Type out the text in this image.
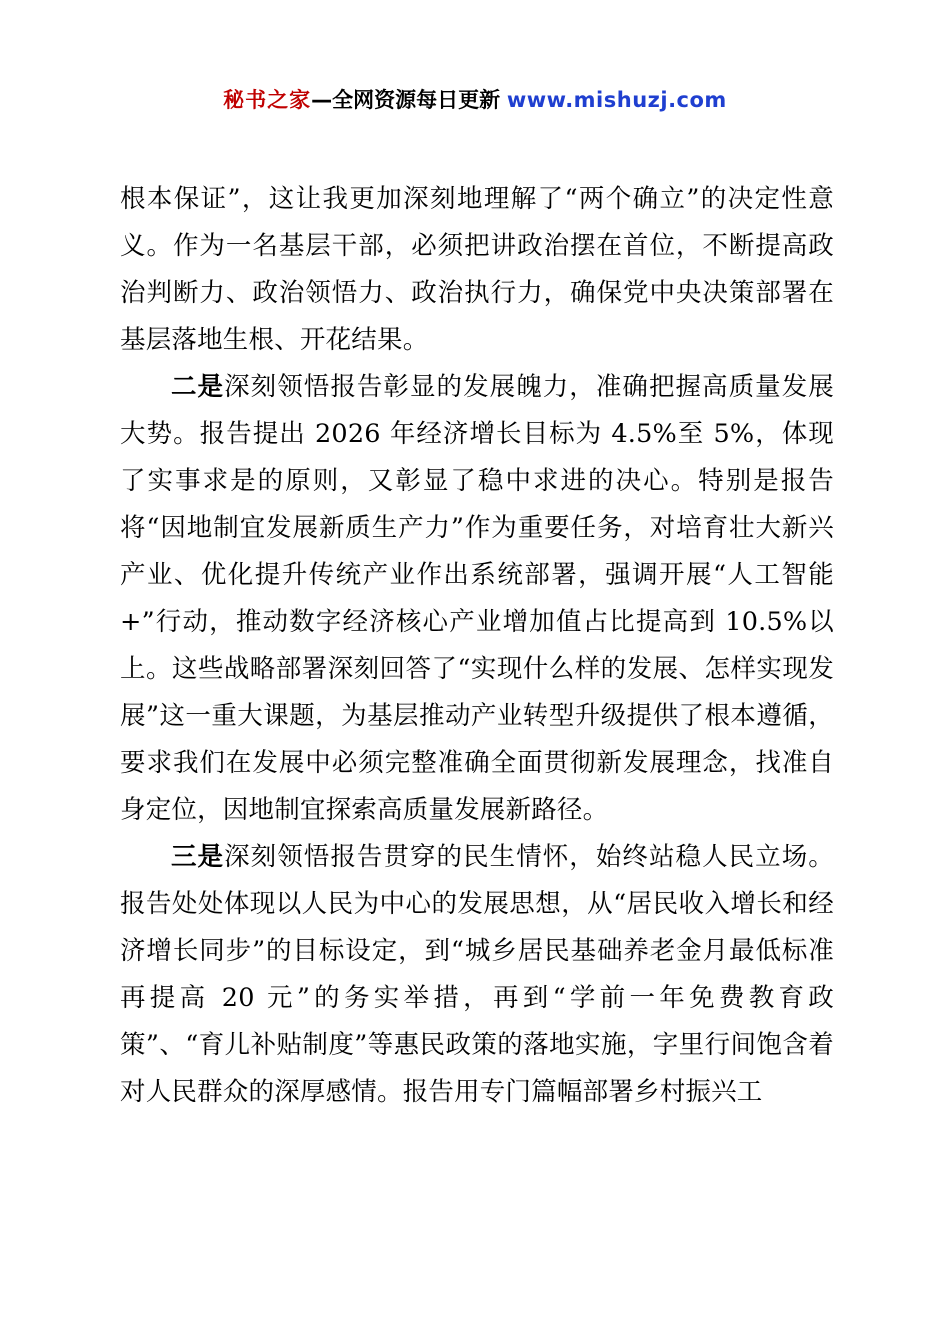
秘书之家—全网资源每日更新 www.mishuzj.com

根本保证”，这让我更加深刻地理解了“两个确立”的决定性意义。作为一名基层干部，必须把讲政治摆在首位，不断提高政治判断力、政治领悟力、政治执行力，确保党中央决策部署在基层落地生根、开花结果。

二是深刻领悟报告彰显的发展魄力，准确把握高质量发展大势。报告提出 2026 年经济增长目标为 4.5%至 5%，体现了实事求是的原则，又彰显了稳中求进的决心。特别是报告将“因地制宜发展新质生产力”作为重要任务，对培育壮大新兴产业、优化提升传统产业作出系统部署，强调开展“人工智能+”行动，推动数字经济核心产业增加值占比提高到 10.5%以上。这些战略部署深刻回答了“实现什么样的发展、怎样实现发展”这一重大课题，为基层推动产业转型升级提供了根本遵循，要求我们在发展中必须完整准确全面贯彻新发展理念，找准自身定位，因地制宜探索高质量发展新路径。

三是深刻领悟报告贯穿的民生情怀，始终站稳人民立场。报告处处体现以人民为中心的发展思想，从“居民收入增长和经济增长同步”的目标设定，到“城乡居民基础养老金月最低标准再提高 20 元”的务实举措，再到“学前一年免费教育政策”、“育儿补贴制度”等惠民政策的落地实施，字里行间饱含着对人民群众的深厚感情。报告用专门篇幅部署乡村振兴工
